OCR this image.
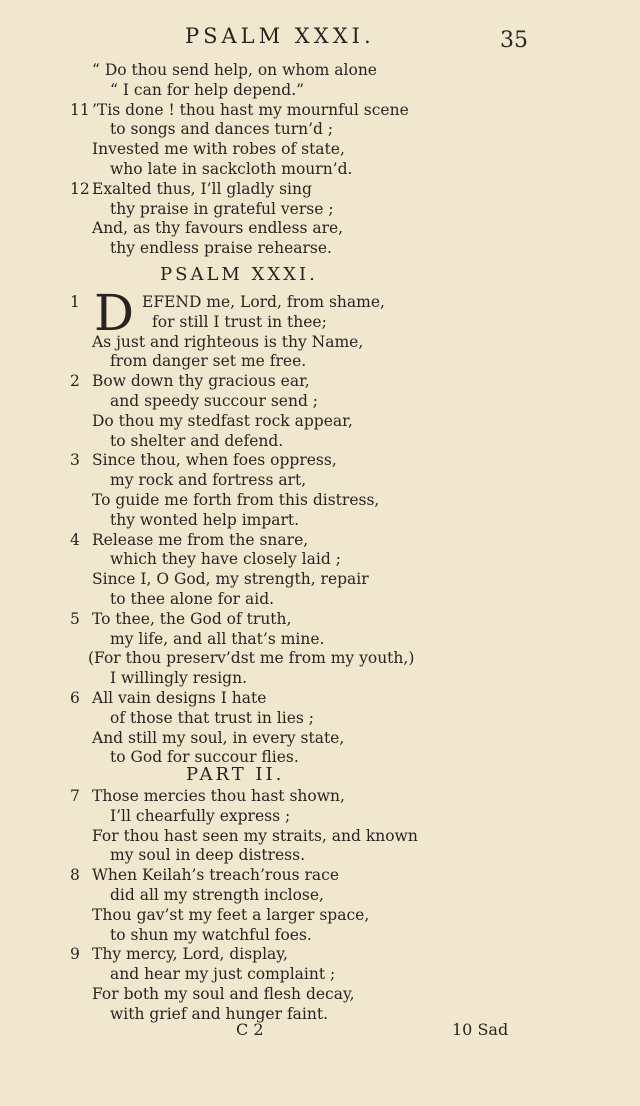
PSALM XXXI.	35
“ Do thou send help, on whom alone
“ I can for help depend.”
11 ’Tis done ! thou hast my mournful scene
to songs and dances turn’d ;
Invested me with robes of state,
who late in sackcloth mourn’d.
12 Exalted thus, I’ll gladly sing
thy praise in grateful verse ;
And, as thy favours endless are,
thy endless praise rehearse.
PSALM XXXI.
D
1	EFEND me, Lord, from shame,
for still I trust in thee;
As just and righteous is thy Name,
from danger set me free.
2 Bow down thy gracious ear,
and speedy succour send ;
Do thou my stedfast rock appear,
to shelter and defend.
3 Since thou, when foes oppress,
my rock and fortress art,
To guide me forth from this distress,
thy wonted help impart.
4 Release me from the snare,
which they have closely laid ;
Since I, O God, my strength, repair
to thee alone for aid.
5 To thee, the God of truth,
my life, and all that’s mine.
(For thou preserv’dst me from my youth,)
I willingly resign.
6 All vain designs I hate
of those that trust in lies ;
And still my soul, in every state,
to God for succour flies.
PART II.
7 Those mercies thou hast shown,
I’ll chearfully express ;
For thou hast seen my straits, and known
my soul in deep distress.
8 When Keilah’s treach’rous race
did all my strength inclose,
Thou gav’st my feet a larger space,
to shun my watchful foes.
9 Thy mercy, Lord, display,
and hear my just complaint ;
For both my soul and flesh decay,
with grief and hunger faint.
C 2	10 Sad
